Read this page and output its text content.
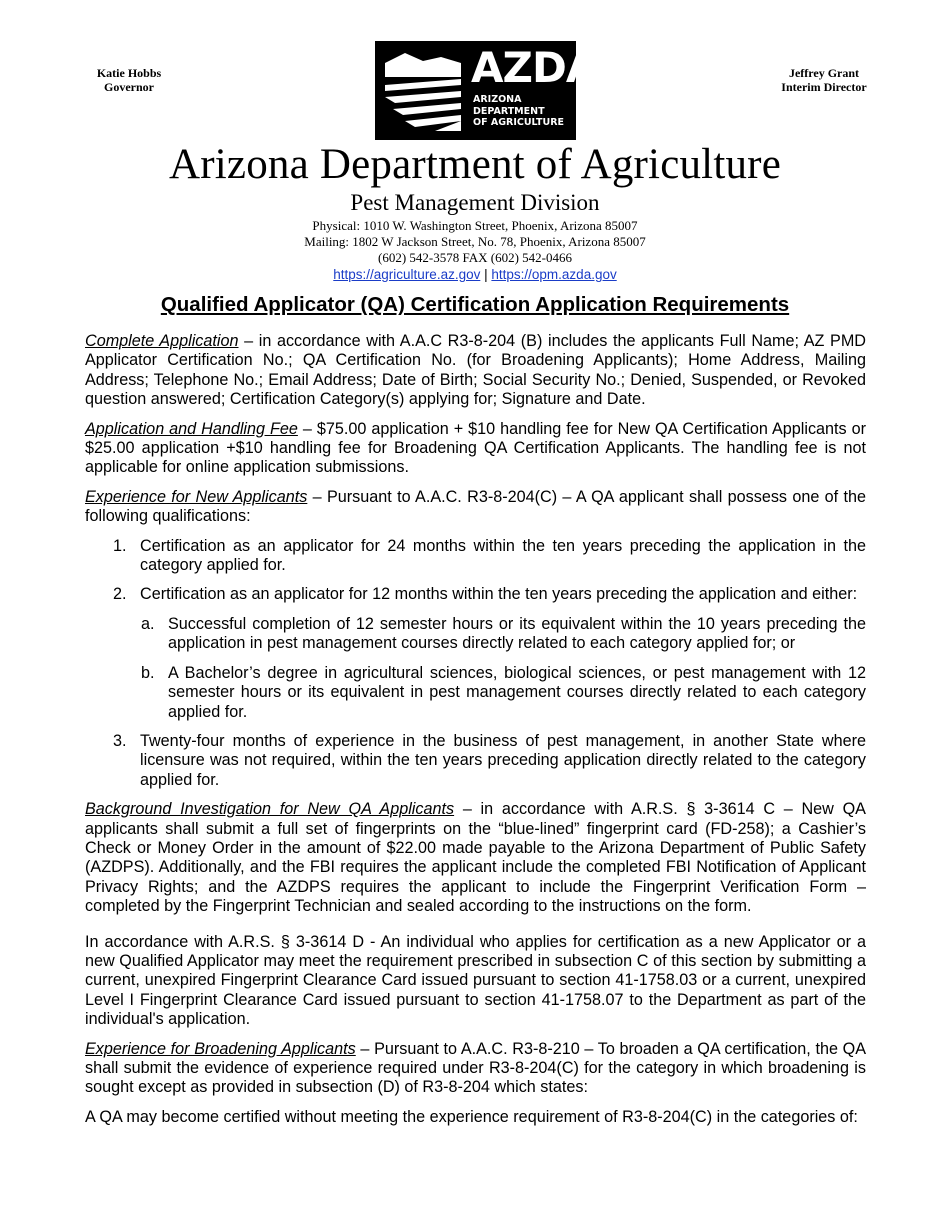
Katie Hobbs
Governor	AZDA
ARIZONA
DEPARTMENT
OF AGRICULTURE
Jeffrey Grant
Interim Director
Arizona Department of Agriculture
Pest Management Division
Physical: 1010 W. Washington Street, Phoenix, Arizona 85007
Mailing: 1802 W Jackson Street, No. 78, Phoenix, Arizona 85007
(602) 542-3578 FAX (602) 542-0466
https://agriculture.az.gov | https://opm.azda.gov
Qualified Applicator (QA) Certification Application Requirements

Complete Application – in accordance with A.A.C R3-8-204 (B) includes the applicants Full Name; AZ PMD Applicator Certification No.; QA Certification No. (for Broadening Applicants); Home Address, Mailing Address; Telephone No.; Email Address; Date of Birth; Social Security No.; Denied, Suspended, or Revoked question answered; Certification Category(s) applying for; Signature and Date.

Application and Handling Fee – $75.00 application + $10 handling fee for New QA Certification Applicants or $25.00 application +$10 handling fee for Broadening QA Certification Applicants. The handling fee is not applicable for online application submissions.

Experience for New Applicants – Pursuant to A.A.C. R3-8-204(C) – A QA applicant shall possess one of the following qualifications:

1. Certification as an applicator for 24 months within the ten years preceding the application in the category applied for.
2. Certification as an applicator for 12 months within the ten years preceding the application and either:
a. Successful completion of 12 semester hours or its equivalent within the 10 years preceding the application in pest management courses directly related to each category applied for; or
b. A Bachelor’s degree in agricultural sciences, biological sciences, or pest management with 12 semester hours or its equivalent in pest management courses directly related to each category applied for.
3. Twenty-four months of experience in the business of pest management, in another State where licensure was not required, within the ten years preceding application directly related to the category applied for.

Background Investigation for New QA Applicants – in accordance with A.R.S. § 3-3614 C – New QA applicants shall submit a full set of fingerprints on the “blue-lined” fingerprint card (FD-258); a Cashier’s Check or Money Order in the amount of $22.00 made payable to the Arizona Department of Public Safety (AZDPS). Additionally, and the FBI requires the applicant include the completed FBI Notification of Applicant Privacy Rights; and the AZDPS requires the applicant to include the Fingerprint Verification Form – completed by the Fingerprint Technician and sealed according to the instructions on the form.

In accordance with A.R.S. § 3-3614 D - An individual who applies for certification as a new Applicator or a new Qualified Applicator may meet the requirement prescribed in subsection C of this section by submitting a current, unexpired Fingerprint Clearance Card issued pursuant to section 41-1758.03 or a current, unexpired Level I Fingerprint Clearance Card issued pursuant to section 41-1758.07 to the Department as part of the individual's application.

Experience for Broadening Applicants – Pursuant to A.A.C. R3-8-210 – To broaden a QA certification, the QA shall submit the evidence of experience required under R3-8-204(C) for the category in which broadening is sought except as provided in subsection (D) of R3-8-204 which states:

A QA may become certified without meeting the experience requirement of R3-8-204(C) in the categories of:
